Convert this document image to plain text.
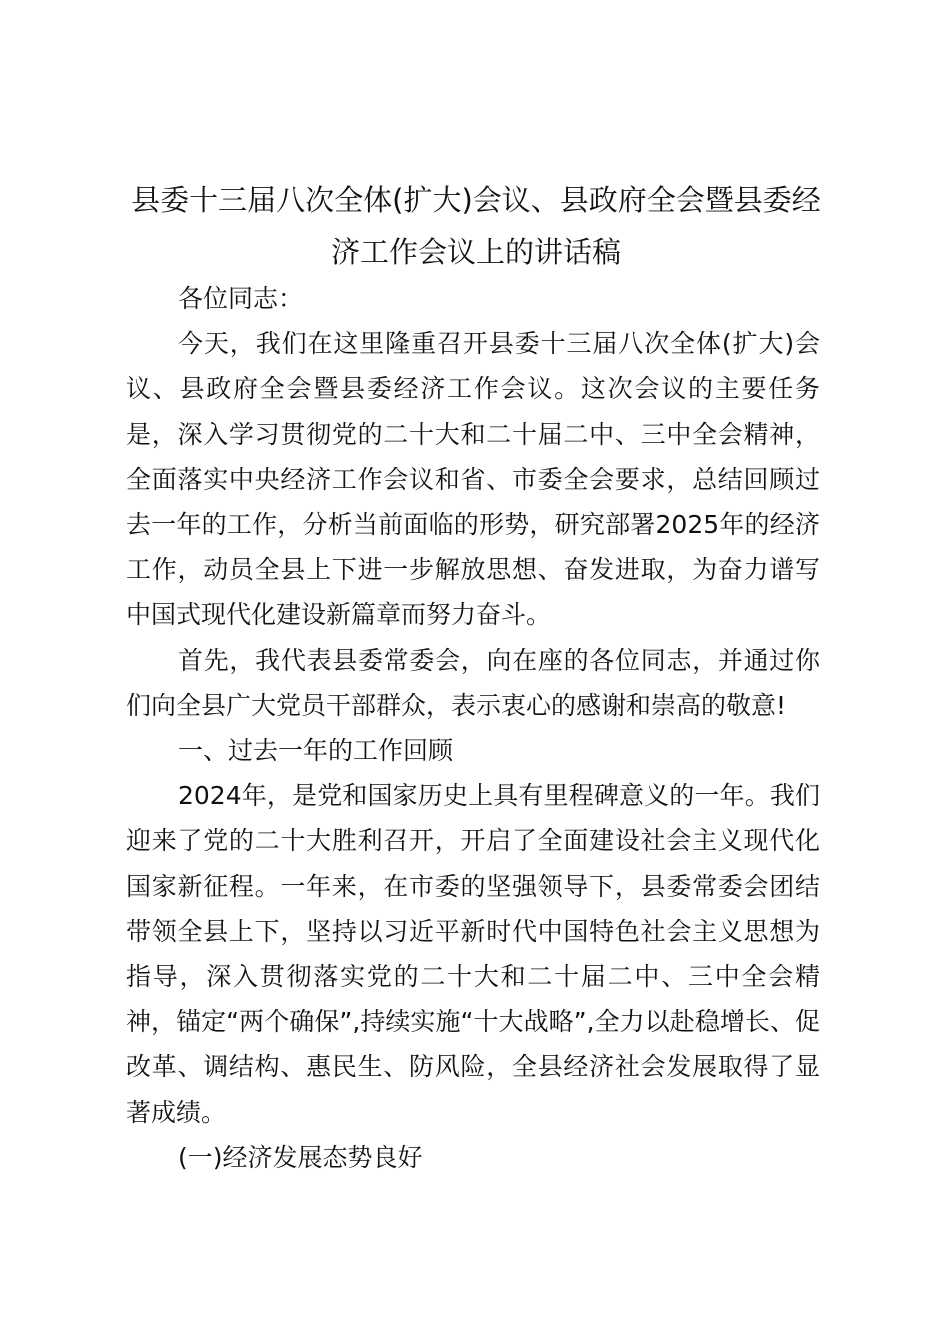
县委十三届八次全体(扩大)会议、县政府全会暨县委经济工作会议上的讲话稿

各位同志：

今天，我们在这里隆重召开县委十三届八次全体(扩大)会议、县政府全会暨县委经济工作会议。这次会议的主要任务是，深入学习贯彻党的二十大和二十届二中、三中全会精神，全面落实中央经济工作会议和省、市委全会要求，总结回顾过去一年的工作，分析当前面临的形势，研究部署2025年的经济工作，动员全县上下进一步解放思想、奋发进取，为奋力谱写中国式现代化建设新篇章而努力奋斗。

首先，我代表县委常委会，向在座的各位同志，并通过你们向全县广大党员干部群众，表示衷心的感谢和崇高的敬意!

一、过去一年的工作回顾

2024年，是党和国家历史上具有里程碑意义的一年。我们迎来了党的二十大胜利召开，开启了全面建设社会主义现代化国家新征程。一年来，在市委的坚强领导下，县委常委会团结带领全县上下，坚持以习近平新时代中国特色社会主义思想为指导，深入贯彻落实党的二十大和二十届二中、三中全会精神，锚定“两个确保”,持续实施“十大战略”,全力以赴稳增长、促改革、调结构、惠民生、防风险，全县经济社会发展取得了显著成绩。

(一)经济发展态势良好
